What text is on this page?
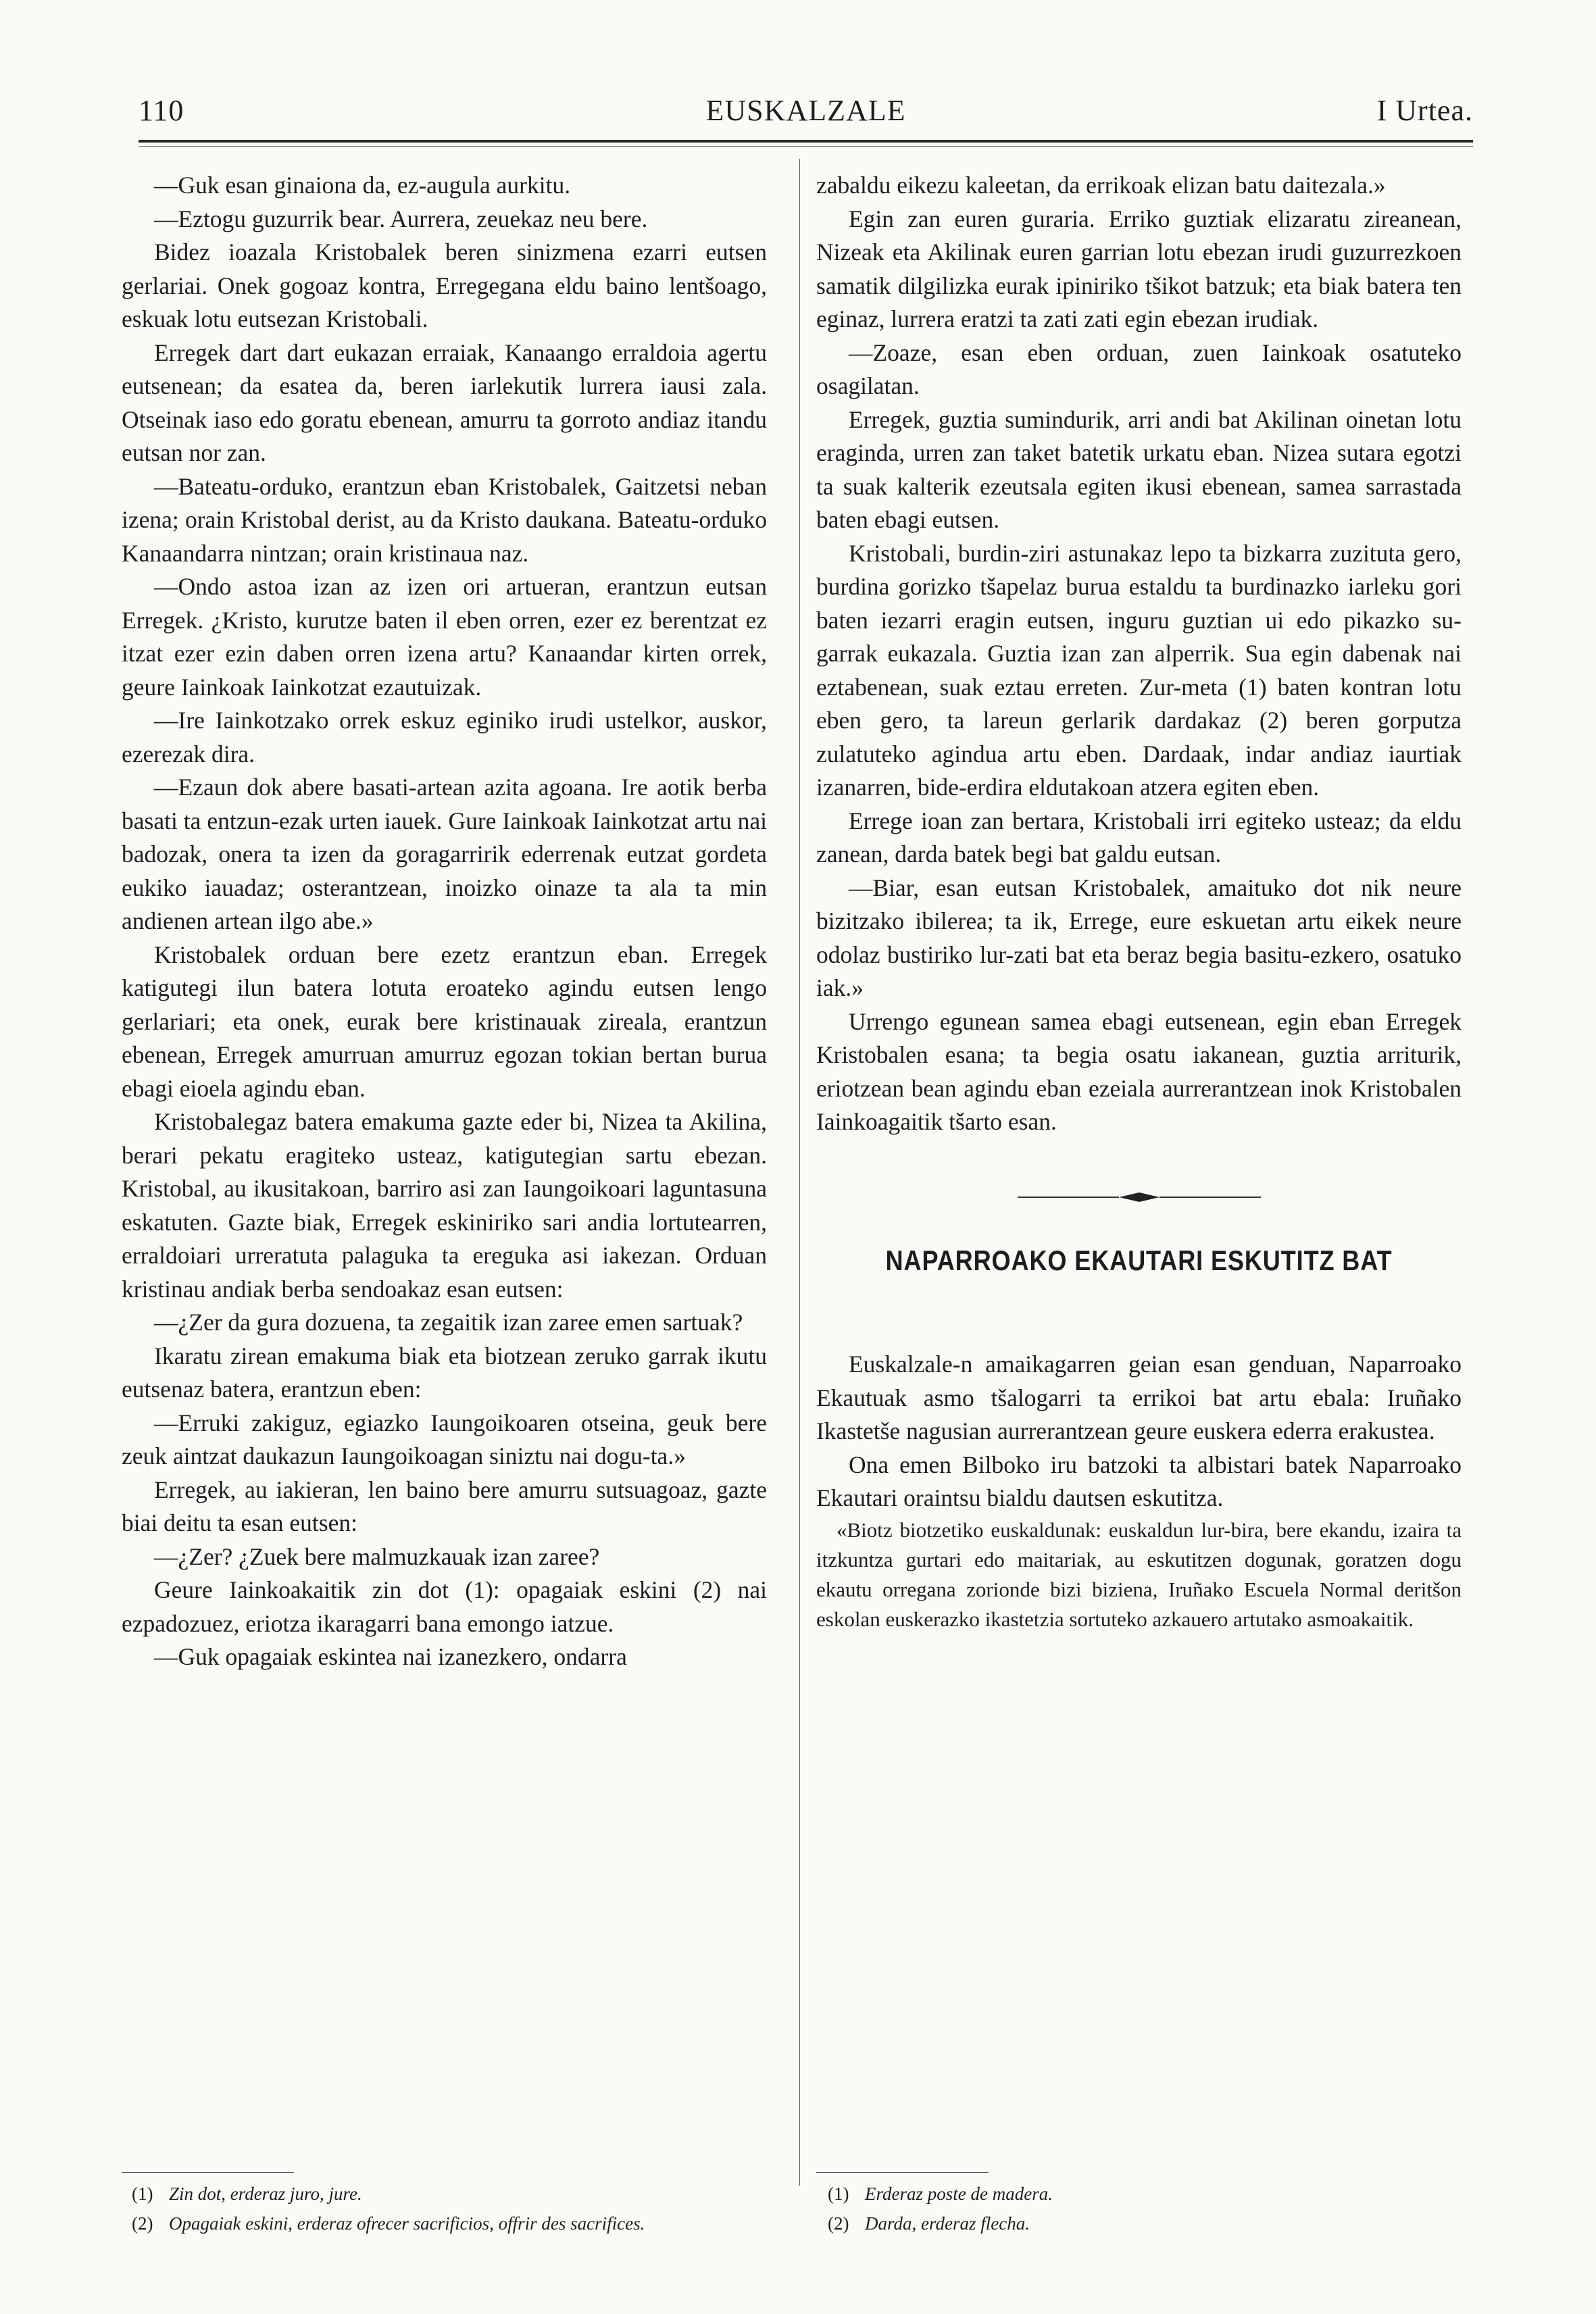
110	EUSKALZALE	I Urtea.

—Guk esan ginaiona da, ez-augula aurkitu.

—Eztogu guzurrik bear. Aurrera, zeuekaz neu bere.

Bidez ioazala Kristobalek beren sinizmena ezarri eutsen gerlariai. Onek gogoaz kontra, Erregegana eldu baino lentšoago, eskuak lotu eutsezan Kristobali.

Erregek dart dart eukazan erraiak, Kanaango erraldoia agertu eutsenean; da esatea da, beren iarlekutik lurrera iausi zala. Otseinak iaso edo goratu ebenean, amurru ta gorroto andiaz itandu eutsan nor zan.

—Bateatu-orduko, erantzun eban Kristobalek, Gaitzetsi neban izena; orain Kristobal derist, au da Kristo daukana. Bateatu-orduko Kanaandarra nintzan; orain kristinaua naz.

—Ondo astoa izan az izen ori artueran, erantzun eutsan Erregek. ¿Kristo, kurutze baten il eben orren, ezer ez berentzat ez itzat ezer ezin daben orren izena artu? Kanaandar kirten orrek, geure Iainkoak Iainkotzat ezautuizak.

—Ire Iainkotzako orrek eskuz eginiko irudi ustelkor, auskor, ezerezak dira.

—Ezaun dok abere basati-artean azita agoana. Ire aotik berba basati ta entzun-ezak urten iauek. Gure Iainkoak Iainkotzat artu nai badozak, onera ta izen da goragarririk ederrenak eutzat gordeta eukiko iauadaz; osterantzean, inoizko oinaze ta ala ta min andienen artean ilgo abe.»

Kristobalek orduan bere ezetz erantzun eban. Erregek katigutegi ilun batera lotuta eroateko agindu eutsen lengo gerlariari; eta onek, eurak bere kristinauak zireala, erantzun ebenean, Erregek amurruan amurruz egozan tokian bertan burua ebagi eioela agindu eban.

Kristobalegaz batera emakuma gazte eder bi, Nizea ta Akilina, berari pekatu eragiteko usteaz, katigutegian sartu ebezan. Kristobal, au ikusitakoan, barriro asi zan Iaungoikoari laguntasuna eskatuten. Gazte biak, Erregek eskiniriko sari andia lortutearren, erraldoiari urreratuta palaguka ta ereguka asi iakezan. Orduan kristinau andiak berba sendoakaz esan eutsen:

—¿Zer da gura dozuena, ta zegaitik izan zaree emen sartuak?

Ikaratu zirean emakuma biak eta biotzean zeruko garrak ikutu eutsenaz batera, erantzun eben:

—Erruki zakiguz, egiazko Iaungoikoaren otseina, geuk bere zeuk aintzat daukazun Iaungoikoagan siniztu nai dogu-ta.»

Erregek, au iakieran, len baino bere amurru sutsuagoaz, gazte biai deitu ta esan eutsen:

—¿Zer? ¿Zuek bere malmuzkauak izan zaree?

Geure Iainkoakaitik zin dot (1): opagaiak eskini (2) nai ezpadozuez, eriotza ikaragarri bana emongo iatzue.

—Guk opagaiak eskintea nai izanezkero, ondarra

zabaldu eikezu kaleetan, da errikoak elizan batu daitezala.»

Egin zan euren guraria. Erriko guztiak elizaratu zireanean, Nizeak eta Akilinak euren garrian lotu ebezan irudi guzurrezkoen samatik dilgilizka eurak ipiniriko tšikot batzuk; eta biak batera ten eginaz, lurrera eratzi ta zati zati egin ebezan irudiak.

—Zoaze, esan eben orduan, zuen Iainkoak osatuteko osagilatan.

Erregek, guztia sumindurik, arri andi bat Akilinan oinetan lotu eraginda, urren zan taket batetik urkatu eban. Nizea sutara egotzi ta suak kalterik ezeutsala egiten ikusi ebenean, samea sarrastada baten ebagi eutsen.

Kristobali, burdin-ziri astunakaz lepo ta bizkarra zuzituta gero, burdina gorizko tšapelaz burua estaldu ta burdinazko iarleku gori baten iezarri eragin eutsen, inguru guztian ui edo pikazko su-garrak eukazala. Guztia izan zan alperrik. Sua egin dabenak nai eztabenean, suak eztau erreten. Zur-meta (1) baten kontran lotu eben gero, ta lareun gerlarik dardakaz (2) beren gorputza zulatuteko agindua artu eben. Dardaak, indar andiaz iaurtiak izanarren, bide-erdira eldutakoan atzera egiten eben.

Errege ioan zan bertara, Kristobali irri egiteko usteaz; da eldu zanean, darda batek begi bat galdu eutsan.

—Biar, esan eutsan Kristobalek, amaituko dot nik neure bizitzako ibilerea; ta ik, Errege, eure eskuetan artu eikek neure odolaz bustiriko lur-zati bat eta beraz begia basitu-ezkero, osatuko iak.»

Urrengo egunean samea ebagi eutsenean, egin eban Erregek Kristobalen esana; ta begia osatu iakanean, guztia arriturik, eriotzean bean agindu eban ezeiala aurrerantzean inok Kristobalen Iainkoagaitik tšarto esan.

NAPARROAKO EKAUTARI ESKUTITZ BAT

Euskalzale-n amaikagarren geian esan genduan, Naparroako Ekautuak asmo tšalogarri ta errikoi bat artu ebala: Iruñako Ikastetše nagusian aurrerantzean geure euskera ederra erakustea.

Ona emen Bilboko iru batzoki ta albistari batek Naparroako Ekautari oraintsu bialdu dautsen eskutitza.

«Biotz biotzetiko euskaldunak: euskaldun lur-bira, bere ekandu, izaira ta itzkuntza gurtari edo maitariak, au eskutitzen dogunak, goratzen dogu ekautu orregana zorionde bizi biziena, Iruñako Escuela Normal deritšon eskolan euskerazko ikastetzia sortuteko azkauero artutako asmoakaitik.

(1) Zin dot, erderaz juro, jure.
(2) Opagaiak eskini, erderaz ofrecer sacrificios, offrir des sacrifices.
(1) Erderaz poste de madera.
(2) Darda, erderaz flecha.
